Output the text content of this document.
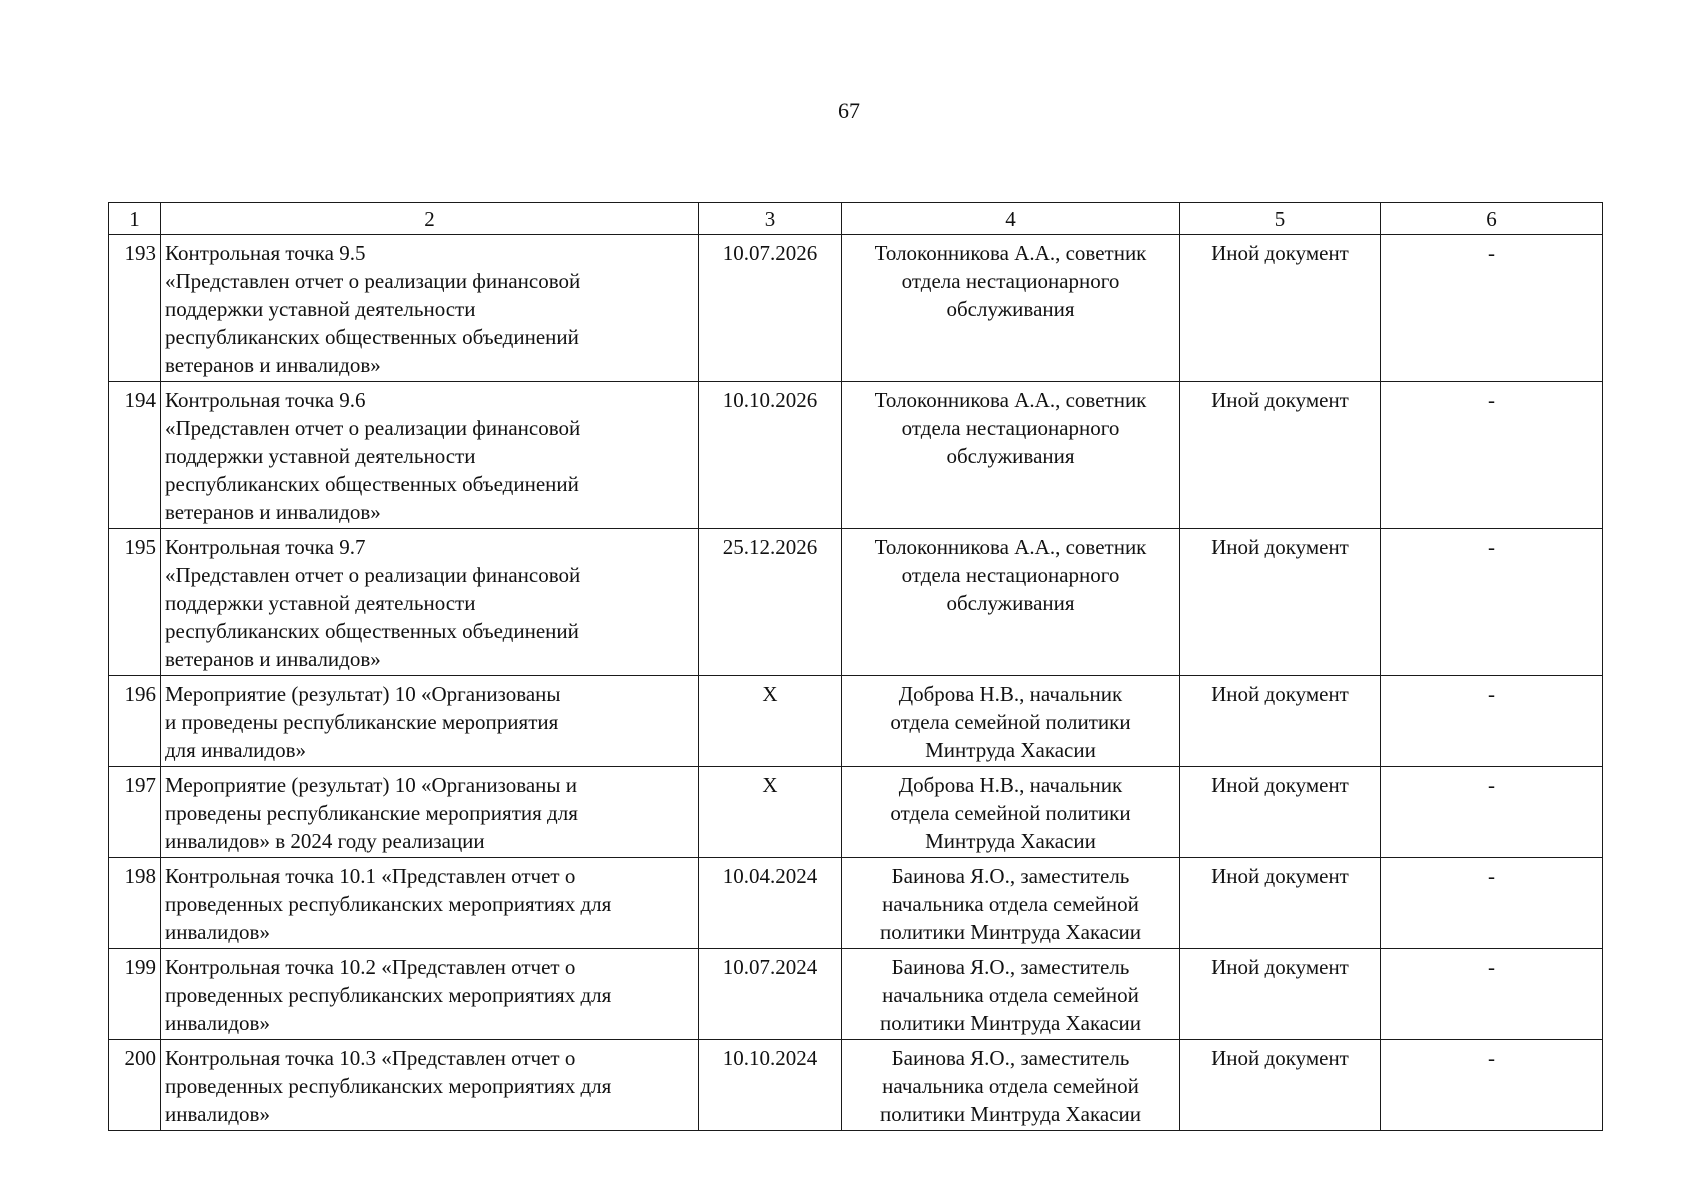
67
1	2	3	4	5	6
193	Контрольная точка 9.5
«Представлен отчет о реализации финансовой
поддержки уставной деятельности
республиканских общественных объединений
ветеранов и инвалидов»	10.07.2026	Толоконникова А.А., советник
отдела нестационарного
обслуживания	Иной документ	-
194	Контрольная точка 9.6
«Представлен отчет о реализации финансовой
поддержки уставной деятельности
республиканских общественных объединений
ветеранов и инвалидов»	10.10.2026	Толоконникова А.А., советник
отдела нестационарного
обслуживания	Иной документ	-
195	Контрольная точка 9.7
«Представлен отчет о реализации финансовой
поддержки уставной деятельности
республиканских общественных объединений
ветеранов и инвалидов»	25.12.2026	Толоконникова А.А., советник
отдела нестационарного
обслуживания	Иной документ	-
196	Мероприятие (результат) 10 «Организованы
и проведены республиканские мероприятия
для инвалидов»	X	Доброва Н.В., начальник
отдела семейной политики
Минтруда Хакасии	Иной документ	-
197	Мероприятие (результат) 10 «Организованы и
проведены республиканские мероприятия для
инвалидов» в 2024 году реализации	X	Доброва Н.В., начальник
отдела семейной политики
Минтруда Хакасии	Иной документ	-
198	Контрольная точка 10.1 «Представлен отчет о
проведенных республиканских мероприятиях для
инвалидов»	10.04.2024	Баинова Я.О., заместитель
начальника отдела семейной
политики Минтруда Хакасии	Иной документ	-
199	Контрольная точка 10.2 «Представлен отчет о
проведенных республиканских мероприятиях для
инвалидов»	10.07.2024	Баинова Я.О., заместитель
начальника отдела семейной
политики Минтруда Хакасии	Иной документ	-
200	Контрольная точка 10.3 «Представлен отчет о
проведенных республиканских мероприятиях для
инвалидов»	10.10.2024	Баинова Я.О., заместитель
начальника отдела семейной
политики Минтруда Хакасии	Иной документ	-
